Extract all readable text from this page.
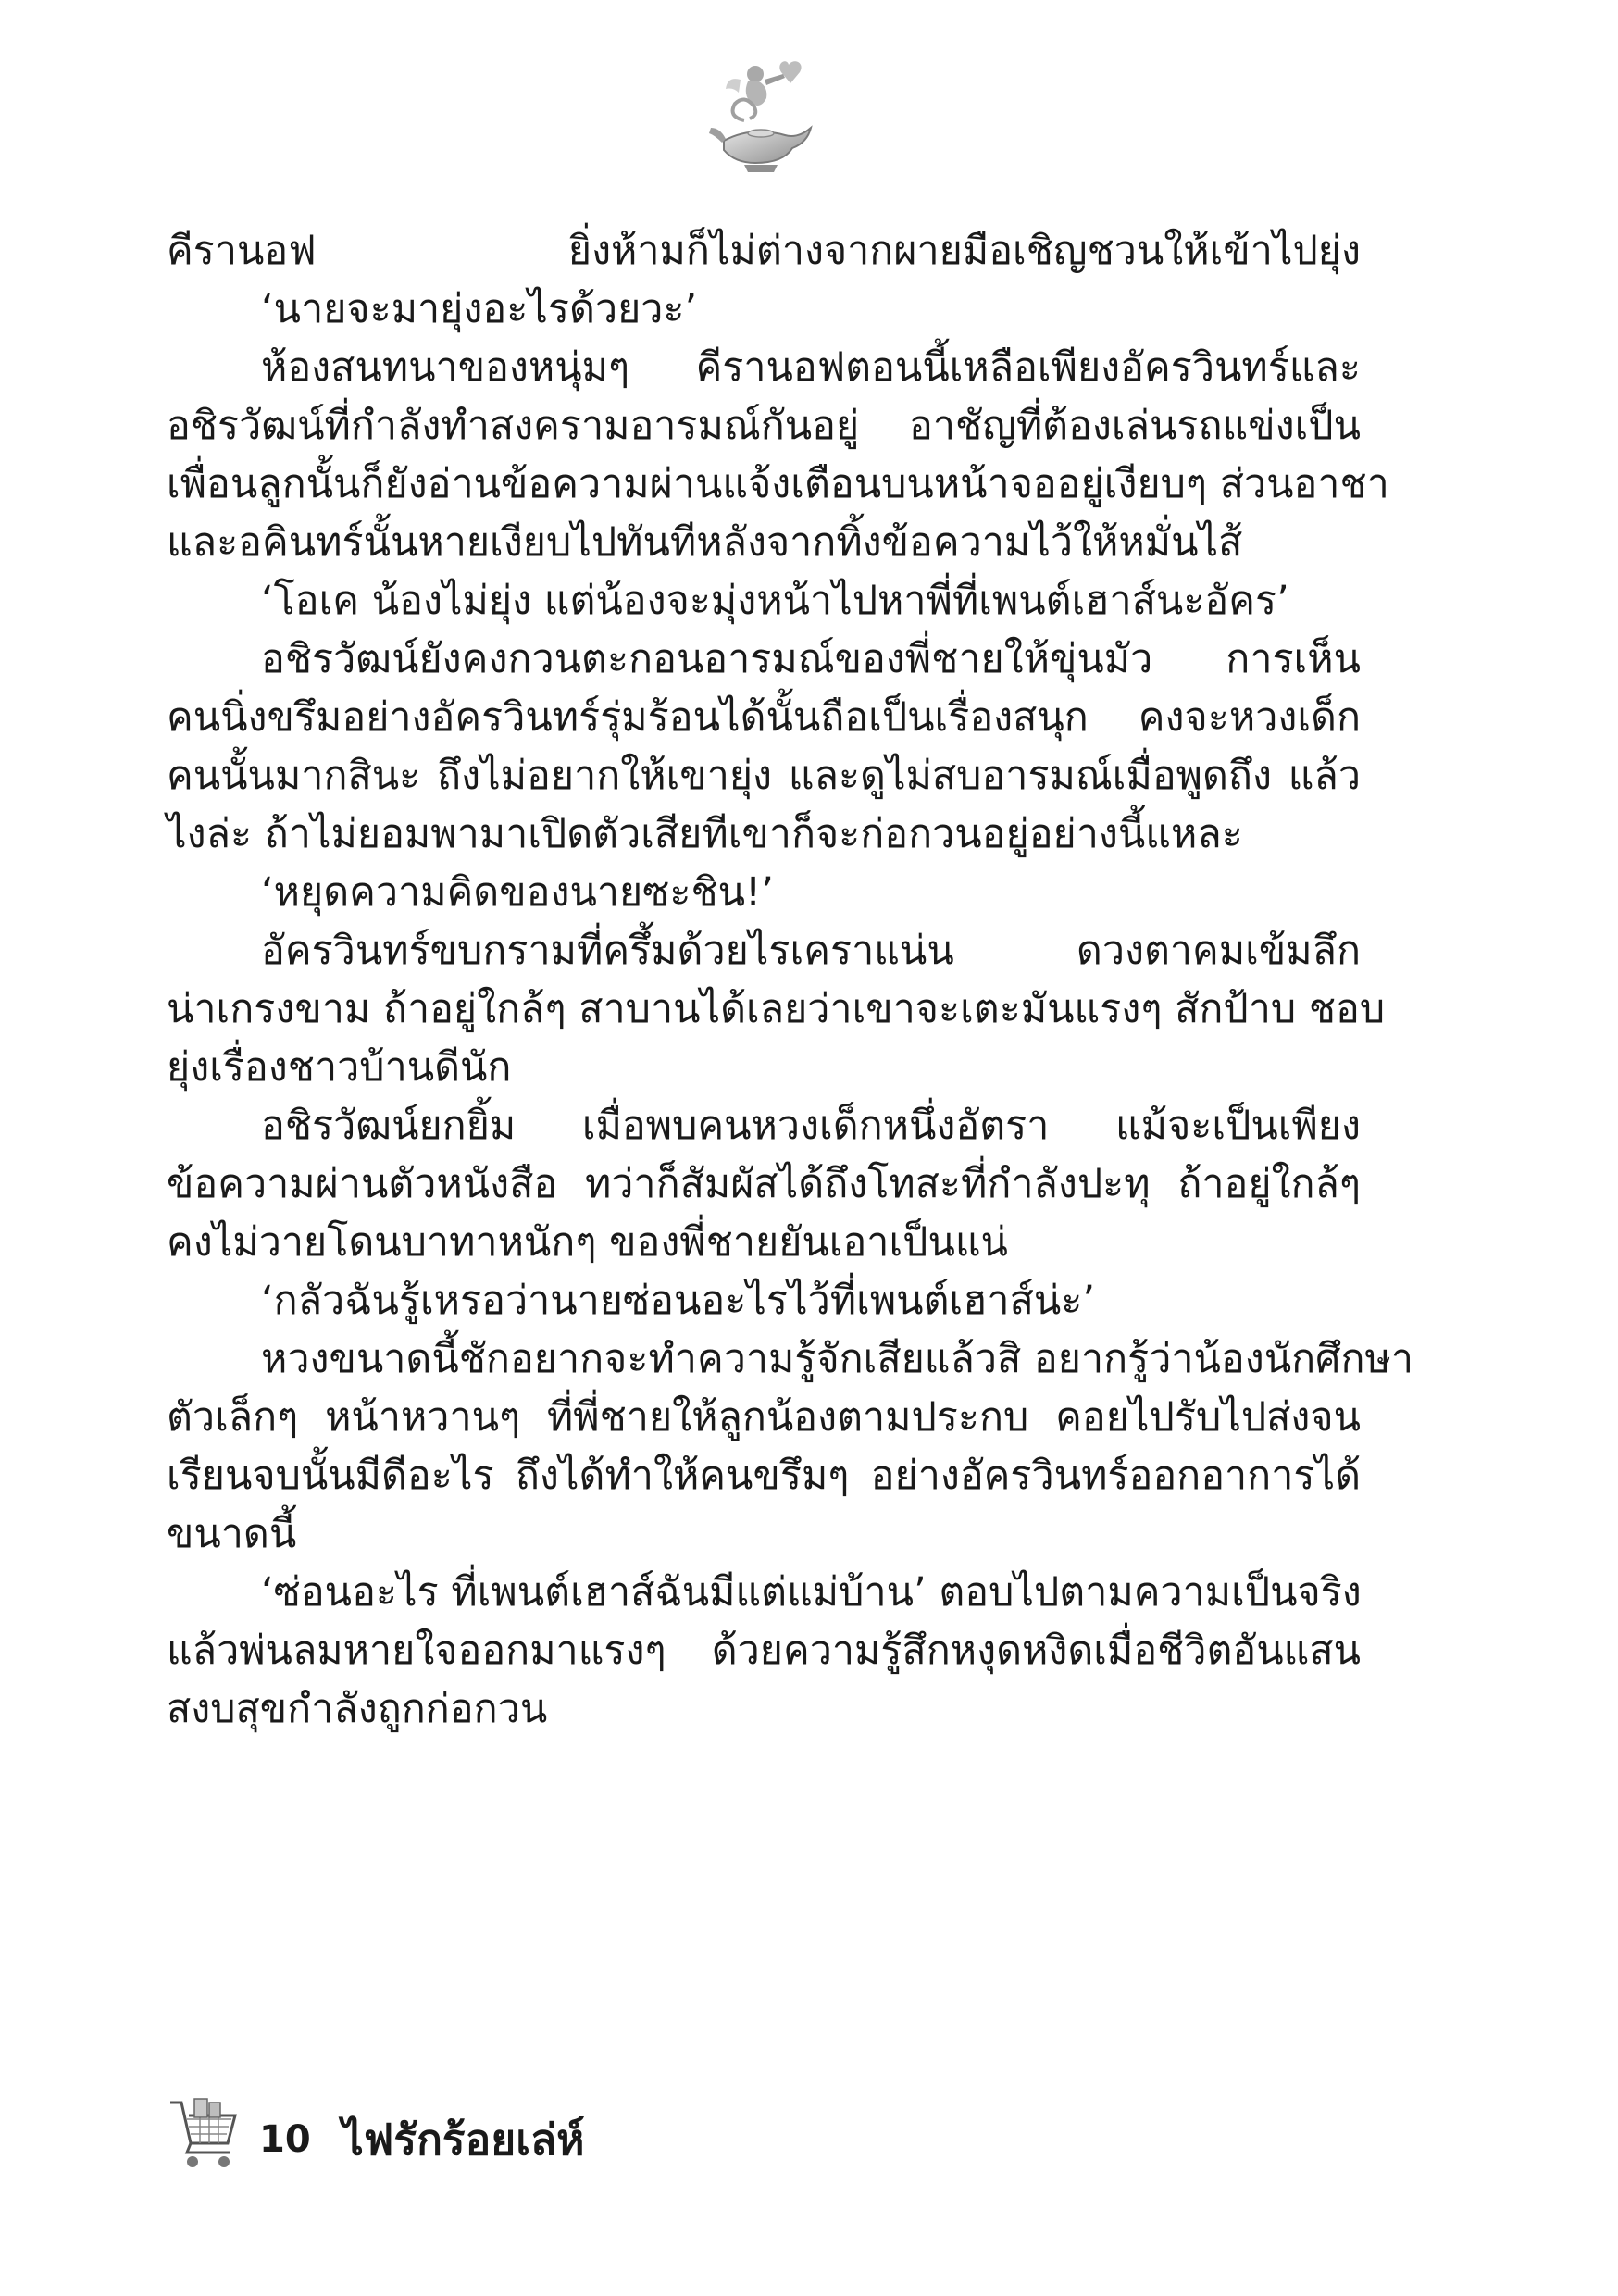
คีรานอฟ ยิ่งห้ามก็ไม่ต่างจากผายมือเชิญชวนให้เข้าไปยุ่ง
‘นายจะมายุ่งอะไรด้วยวะ’
ห้องสนทนาของหนุ่มๆ คีรานอฟตอนนี้เหลือเพียงอัครวินทร์และ
อชิรวัฒน์ที่กำลังทำสงครามอารมณ์กันอยู่ อาชัญที่ต้องเล่นรถแข่งเป็น
เพื่อนลูกนั้นก็ยังอ่านข้อความผ่านแจ้งเตือนบนหน้าจออยู่เงียบๆ ส่วนอาชา
และอคินทร์นั้นหายเงียบไปทันทีหลังจากทิ้งข้อความไว้ให้หมั่นไส้
‘โอเค น้องไม่ยุ่ง แต่น้องจะมุ่งหน้าไปหาพี่ที่เพนต์เฮาส์นะอัคร’
อชิรวัฒน์ยังคงกวนตะกอนอารมณ์ของพี่ชายให้ขุ่นมัว การเห็น
คนนิ่งขรึมอย่างอัครวินทร์รุ่มร้อนได้นั้นถือเป็นเรื่องสนุก คงจะหวงเด็ก
คนนั้นมากสินะ ถึงไม่อยากให้เขายุ่ง และดูไม่สบอารมณ์เมื่อพูดถึง แล้ว
ไงล่ะ ถ้าไม่ยอมพามาเปิดตัวเสียทีเขาก็จะก่อกวนอยู่อย่างนี้แหละ
‘หยุดความคิดของนายซะชิน!’
อัครวินทร์ขบกรามที่ครึ้มด้วยไรเคราแน่น ดวงตาคมเข้มลึก
น่าเกรงขาม ถ้าอยู่ใกล้ๆ สาบานได้เลยว่าเขาจะเตะมันแรงๆ สักป้าบ ชอบ
ยุ่งเรื่องชาวบ้านดีนัก
อชิรวัฒน์ยกยิ้ม เมื่อพบคนหวงเด็กหนึ่งอัตรา แม้จะเป็นเพียง
ข้อความผ่านตัวหนังสือ ทว่าก็สัมผัสได้ถึงโทสะที่กำลังปะทุ ถ้าอยู่ใกล้ๆ
คงไม่วายโดนบาทาหนักๆ ของพี่ชายยันเอาเป็นแน่
‘กลัวฉันรู้เหรอว่านายซ่อนอะไรไว้ที่เพนต์เฮาส์น่ะ’
หวงขนาดนี้ชักอยากจะทำความรู้จักเสียแล้วสิ อยากรู้ว่าน้องนักศึกษา
ตัวเล็กๆ หน้าหวานๆ ที่พี่ชายให้ลูกน้องตามประกบ คอยไปรับไปส่งจน
เรียนจบนั้นมีดีอะไร ถึงได้ทำให้คนขรึมๆ อย่างอัครวินทร์ออกอาการได้
ขนาดนี้
‘ซ่อนอะไร ที่เพนต์เฮาส์ฉันมีแต่แม่บ้าน’ ตอบไปตามความเป็นจริง
แล้วพ่นลมหายใจออกมาแรงๆ ด้วยความรู้สึกหงุดหงิดเมื่อชีวิตอันแสน
สงบสุขกำลังถูกก่อกวน
10 ไฟรักร้อยเล่ห์
